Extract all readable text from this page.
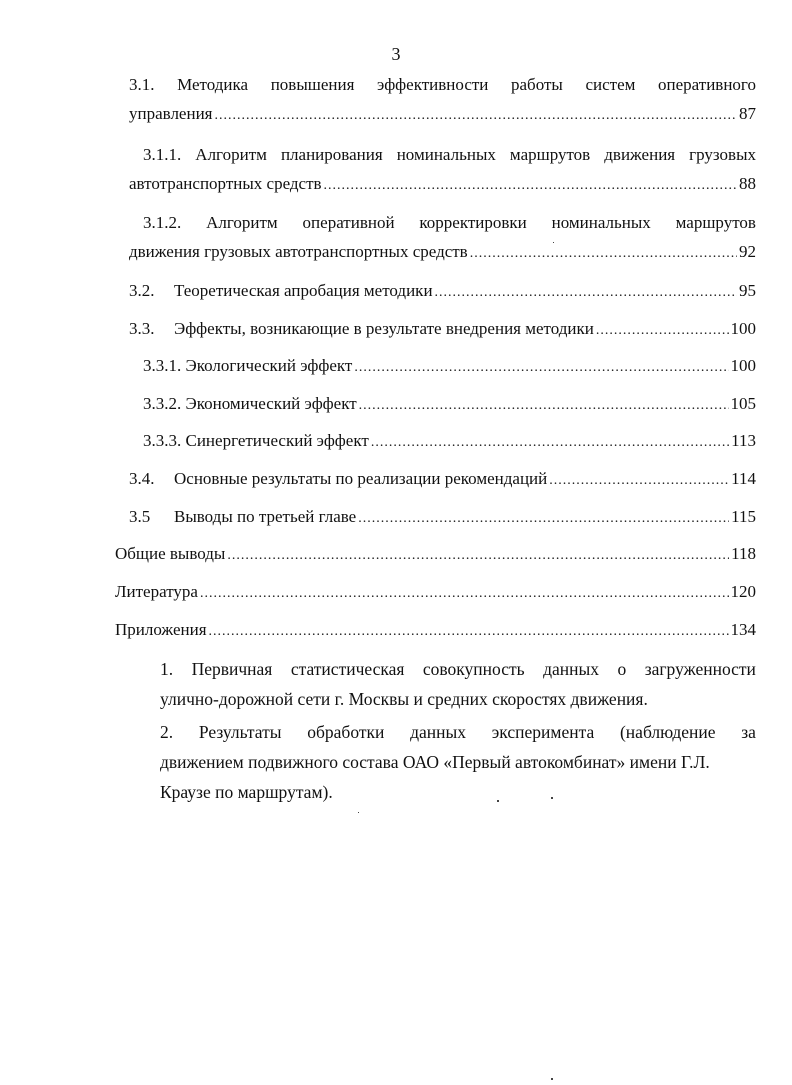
3
3.1. Методика повышения эффективности работы систем оперативного
управления .....	87
3.1.1. Алгоритм планирования номинальных маршрутов движения грузовых
автотранспортных средств .....	88
3.1.2. Алгоритм оперативной корректировки номинальных маршрутов
движения грузовых автотранспортных средств .....	92
3.2.	Теоретическая апробация методики .....	95
3.3.	Эффекты, возникающие в результате внедрения методики .....	100
3.3.1. Экологический эффект .....	100
3.3.2. Экономический эффект .....	105
3.3.3. Синергетический эффект .....	113
3.4.	Основные результаты по реализации рекомендаций .....	114
3.5	Выводы по третьей главе .....	115
Общие выводы .....	118
Литература .....	120
Приложения .....	134
1. Первичная статистическая совокупность данных о загруженности
улично-дорожной сети г. Москвы и средних скоростях движения.
2. Результаты обработки данных эксперимента (наблюдение за
движением подвижного состава ОАО «Первый автокомбинат» имени Г.Л.
Краузе по маршрутам).
